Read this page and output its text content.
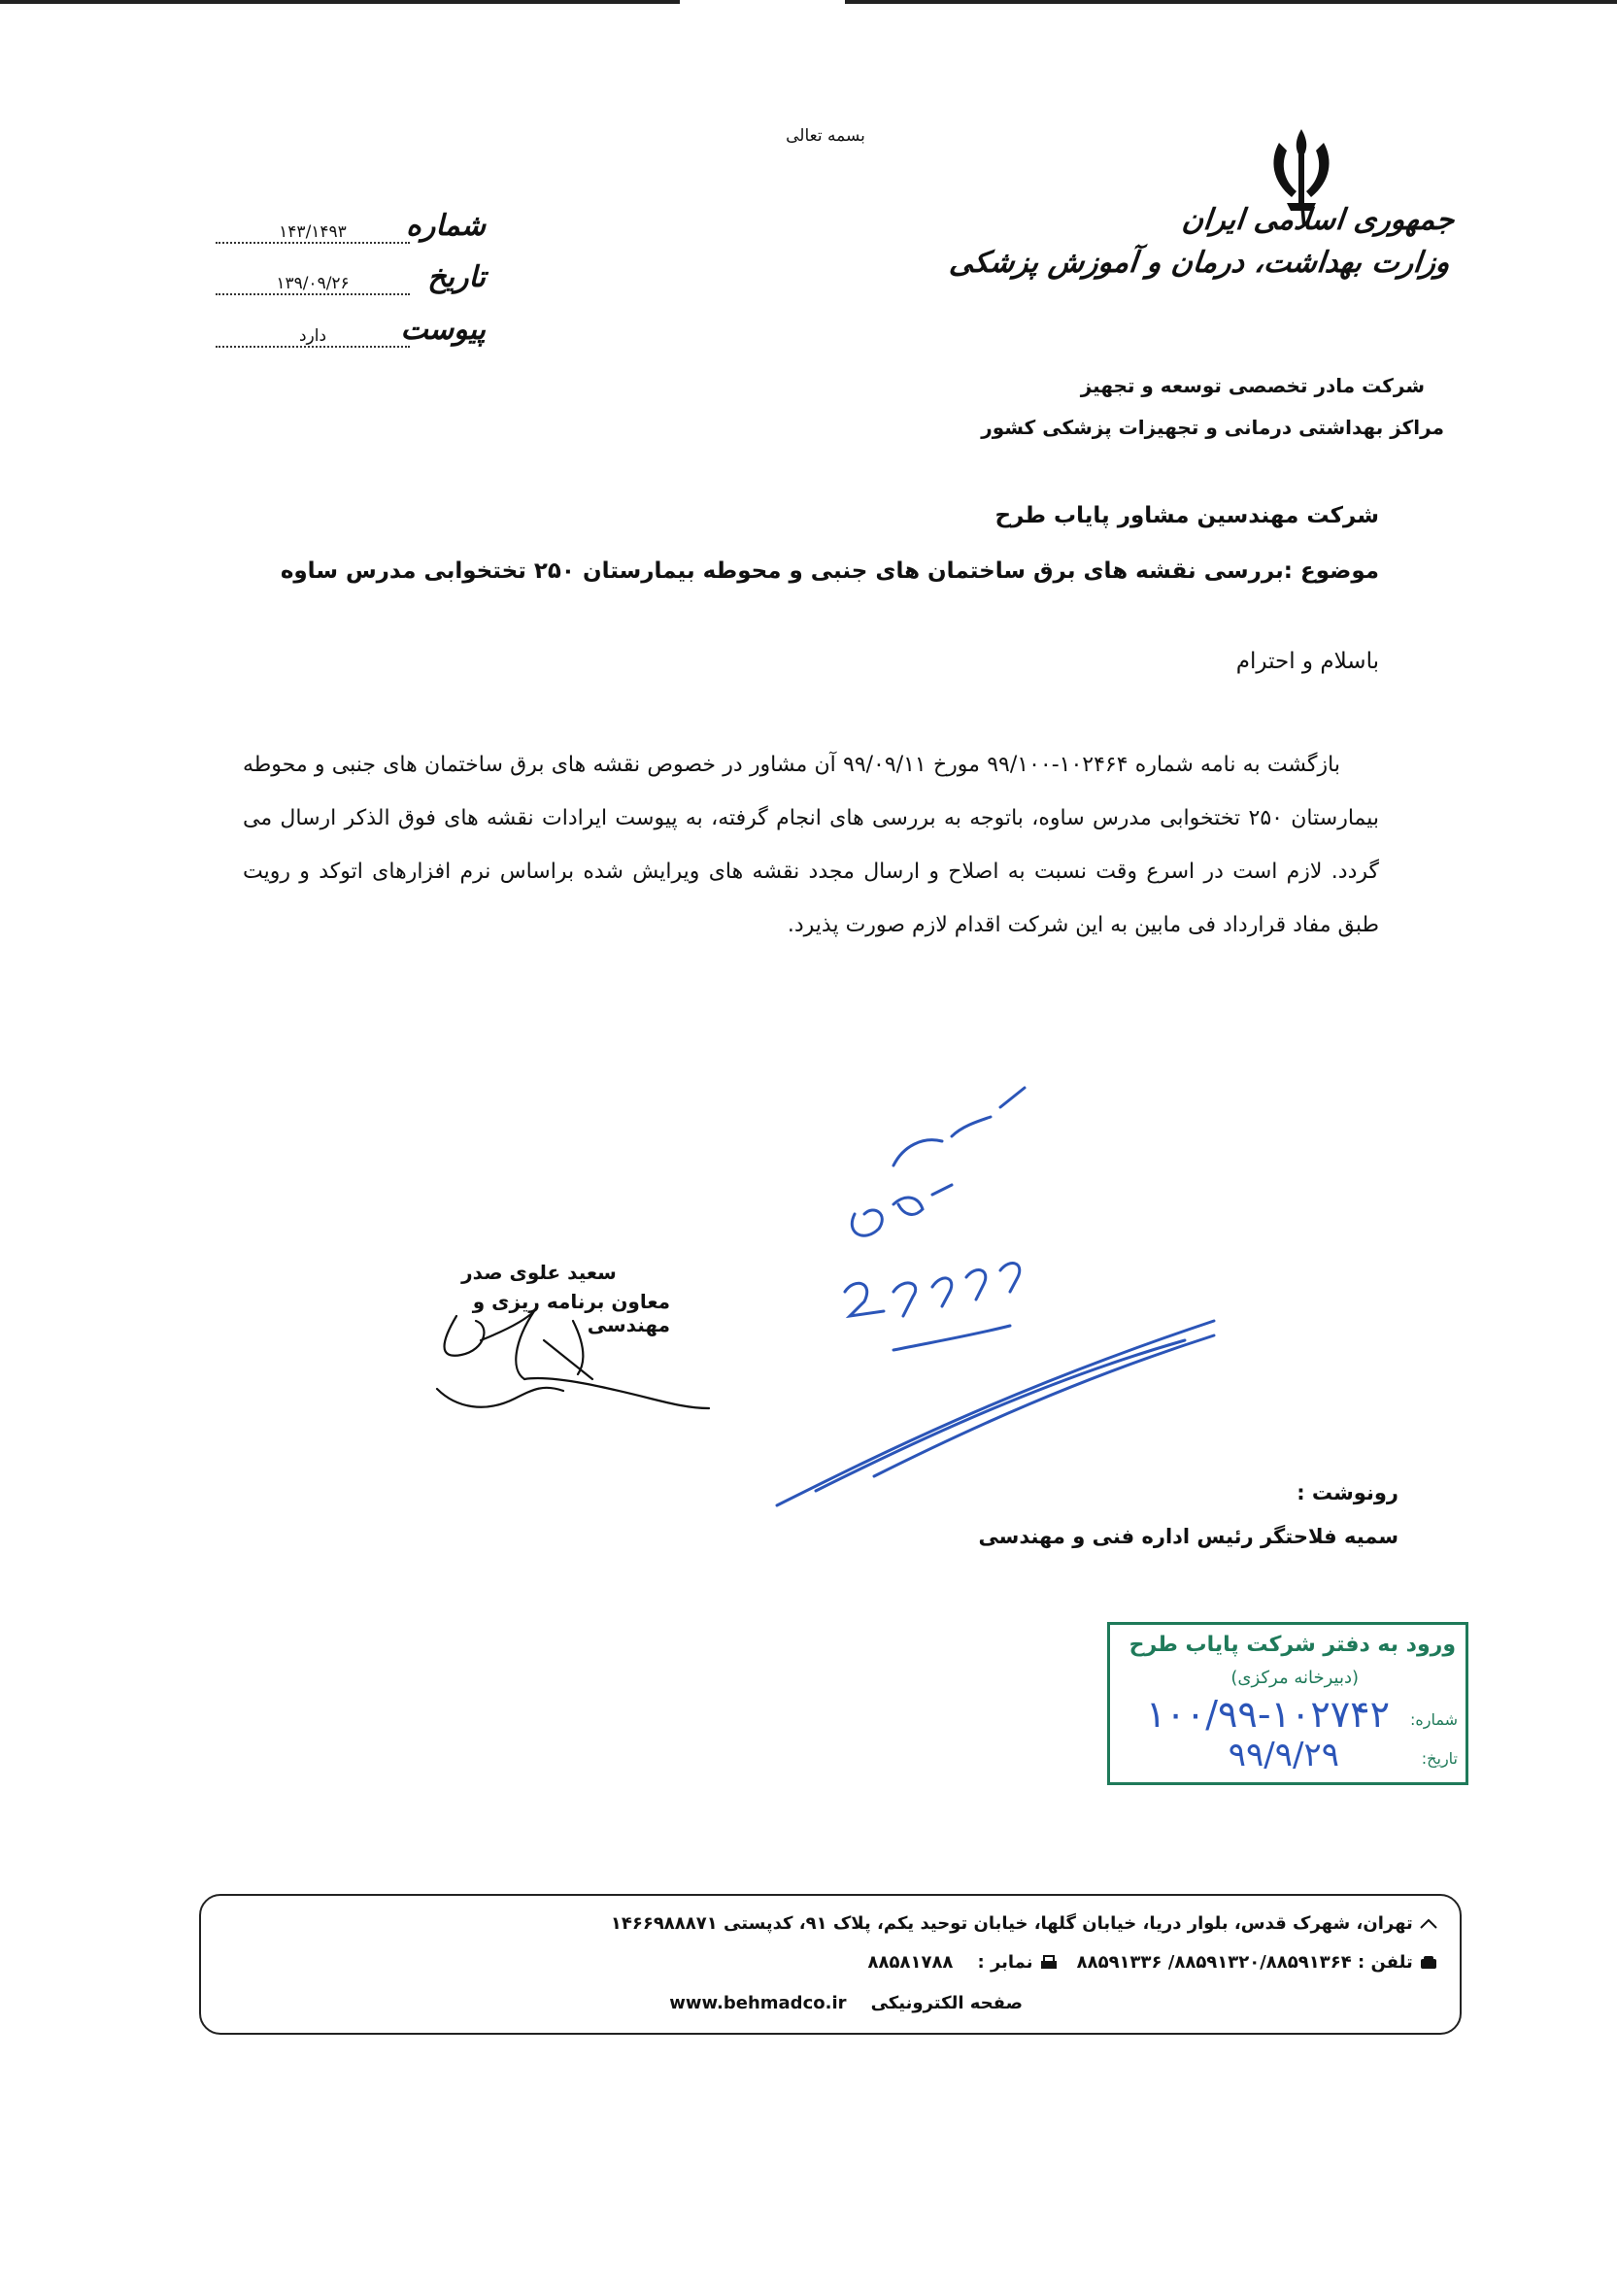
بسمه تعالی
جمهوری اسلامی ایران
وزارت بهداشت، درمان و آموزش پزشکی
شرکت مادر تخصصی توسعه و تجهیز
مراکز بهداشتی درمانی و تجهیزات پزشکی کشور
شماره
۱۴۳/۱۴۹۳
تاریخ
۱۳۹/۰۹/۲۶
پیوست
دارد
شرکت مهندسین مشاور پایاب طرح
موضوع :بررسی نقشه های برق ساختمان های جنبی و محوطه بیمارستان ۲۵۰ تختخوابی مدرس ساوه
باسلام و احترام

بازگشت به نامه شماره ۱۰۲۴۶۴-۹۹/۱۰۰ مورخ ۹۹/۰۹/۱۱ آن مشاور در خصوص نقشه های برق ساختمان های جنبی و محوطه بیمارستان ۲۵۰ تختخوابی مدرس ساوه، باتوجه به بررسی های انجام گرفته، به پیوست ایرادات نقشه های فوق الذکر ارسال می گردد. لازم است در اسرع وقت نسبت به اصلاح و ارسال مجدد نقشه های ویرایش شده براساس نرم افزارهای اتوکد و رویت طبق مفاد قرارداد فی مابین به این شرکت اقدام لازم صورت پذیرد.

سعید علوی صدر
معاون برنامه ریزی و مهندسی
رونوشت :
سمیه فلاحتگر رئیس اداره فنی و مهندسی
ورود به دفتر شرکت پایاب طرح
(دبیرخانه مرکزی)
شماره:
۱۰۰/۹۹-۱۰۲۷۴۲
تاریخ:
۹۹/۹/۲۹
تهران، شهرک قدس، بلوار دریا، خیابان گلها، خیابان توحید یکم، پلاک ۹۱، کدپستی ۱۴۶۶۹۸۸۸۷۱
تلفن : ۸۸۵۹۱۳۲۰/۸۸۵۹۱۳۶۴/ ۸۸۵۹۱۳۳۶    نمابر :    ۸۸۵۸۱۷۸۸
صفحه الکترونیکی    www.behmadco.ir
